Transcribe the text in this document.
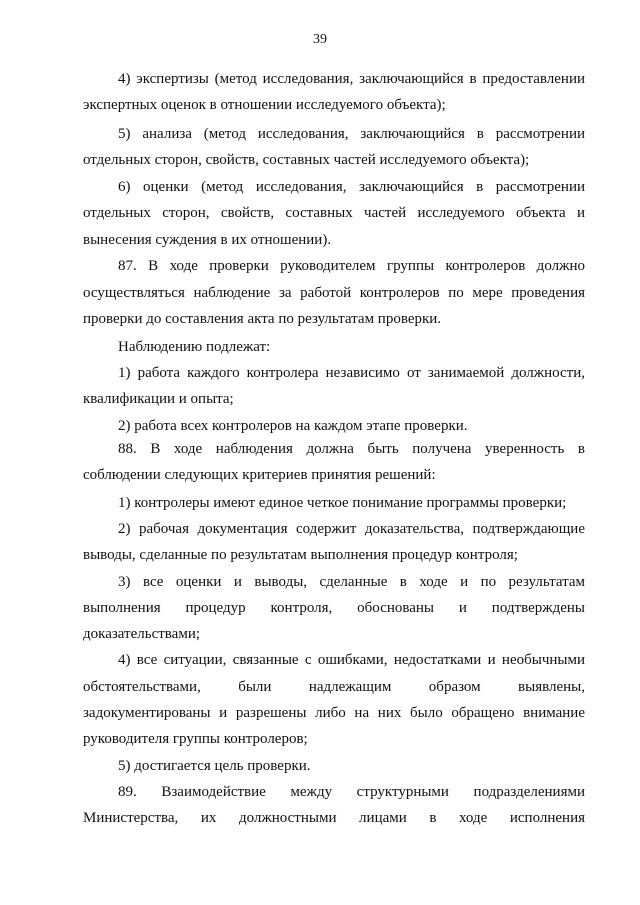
39

4) экспертизы (метод исследования, заключающийся в предоставлении

экспертных оценок в отношении исследуемого объекта);

5) анализа (метод исследования, заключающийся в рассмотрении

отдельных сторон, свойств, составных частей исследуемого объекта);

6) оценки (метод исследования, заключающийся в рассмотрении

отдельных сторон, свойств, составных частей исследуемого объекта и

вынесения суждения в их отношении).

87. В ходе проверки руководителем группы контролеров должно

осуществляться наблюдение за работой контролеров по мере проведения

проверки до составления акта по результатам проверки.

Наблюдению подлежат:

1) работа каждого контролера независимо от занимаемой должности,

квалификации и опыта;

2) работа всех контролеров на каждом этапе проверки.

88. В ходе наблюдения должна быть получена уверенность в

соблюдении следующих критериев принятия решений:

1) контролеры имеют единое четкое понимание программы проверки;

2) рабочая документация содержит доказательства, подтверждающие

выводы, сделанные по результатам выполнения процедур контроля;

3) все оценки и выводы, сделанные в ходе и по результатам

выполнения процедур контроля, обоснованы и подтверждены

доказательствами;

4) все ситуации, связанные с ошибками, недостатками и необычными

обстоятельствами, были надлежащим образом выявлены,

задокументированы и разрешены либо на них было обращено внимание

руководителя группы контролеров;

5) достигается цель проверки.

89. Взаимодействие между структурными подразделениями

Министерства, их должностными лицами в ходе исполнения
